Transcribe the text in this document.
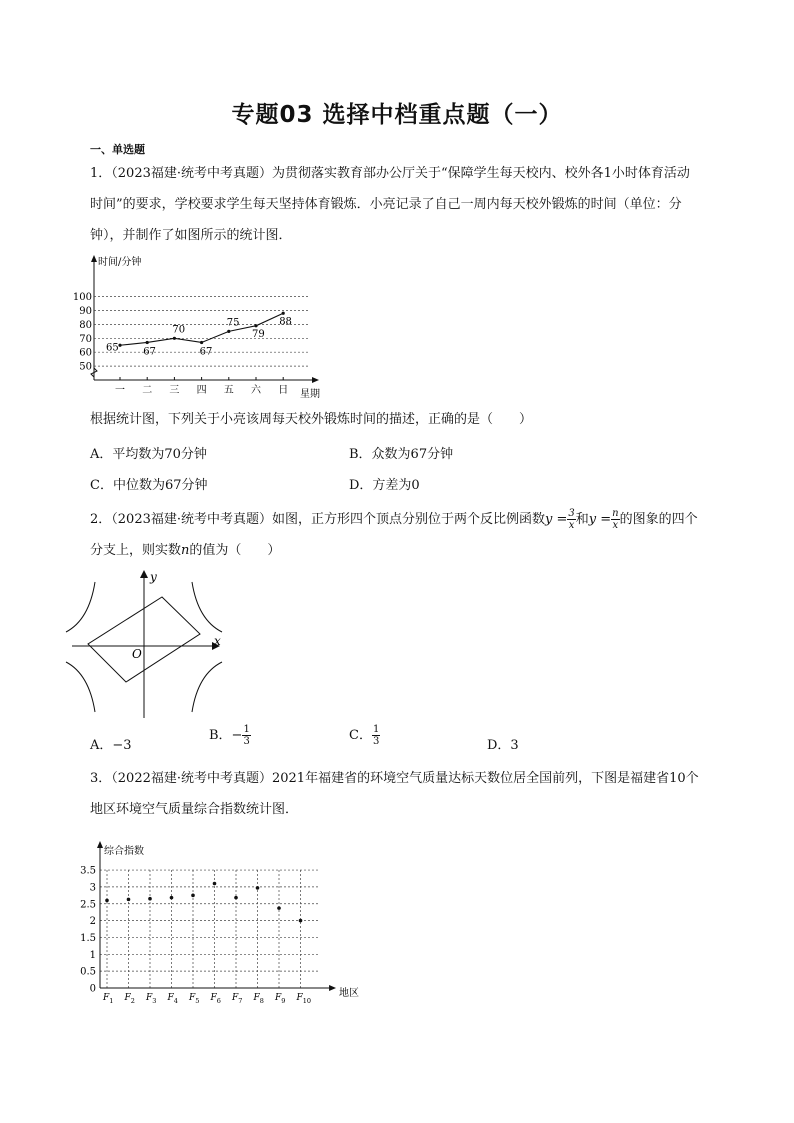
专题03 选择中档重点题（一）
一、单选题
1．（2023福建·统考中考真题）为贯彻落实教育部办公厅关于“保障学生每天校内、校外各1小时体育活动
时间”的要求，学校要求学生每天坚持体育锻炼．小亮记录了自己一周内每天校外锻炼的时间（单位：分
钟），并制作了如图所示的统计图．
时间/分钟
星期
50
60
70
80
90
100
一 二 三 四 五 六 日
65 67
70
67
75
79
88
根据统计图，下列关于小亮该周每天校外锻炼时间的描述，正确的是（　　）
A．平均数为70分钟	B．众数为67分钟
C．中位数为67分钟	D．方差为0
2．（2023福建·统考中考真题）如图，正方形四个顶点分别位于两个反比例函数$y = \frac{3}{x}$ 和$y = \frac{n}{x}$ 的图象的四个
分支上，则实数n的值为（　　）
y
x
O
A．−3
B．− $\frac{1}{3}$	C． $\frac{1}{3}$	D．3
3．（2022福建·统考中考真题）2021年福建省的环境空气质量达标天数位居全国前列，下图是福建省10个
地区环境空气质量综合指数统计图．
0
0.5
1
1.5
2
2.5
3
3.5
综合指数
地区
$F_1$ $F_2$ $F_3$ $F_4$ $F_5$ $F_6$ $F_7$ $F_8$ $F_9$ $F_{10}$
